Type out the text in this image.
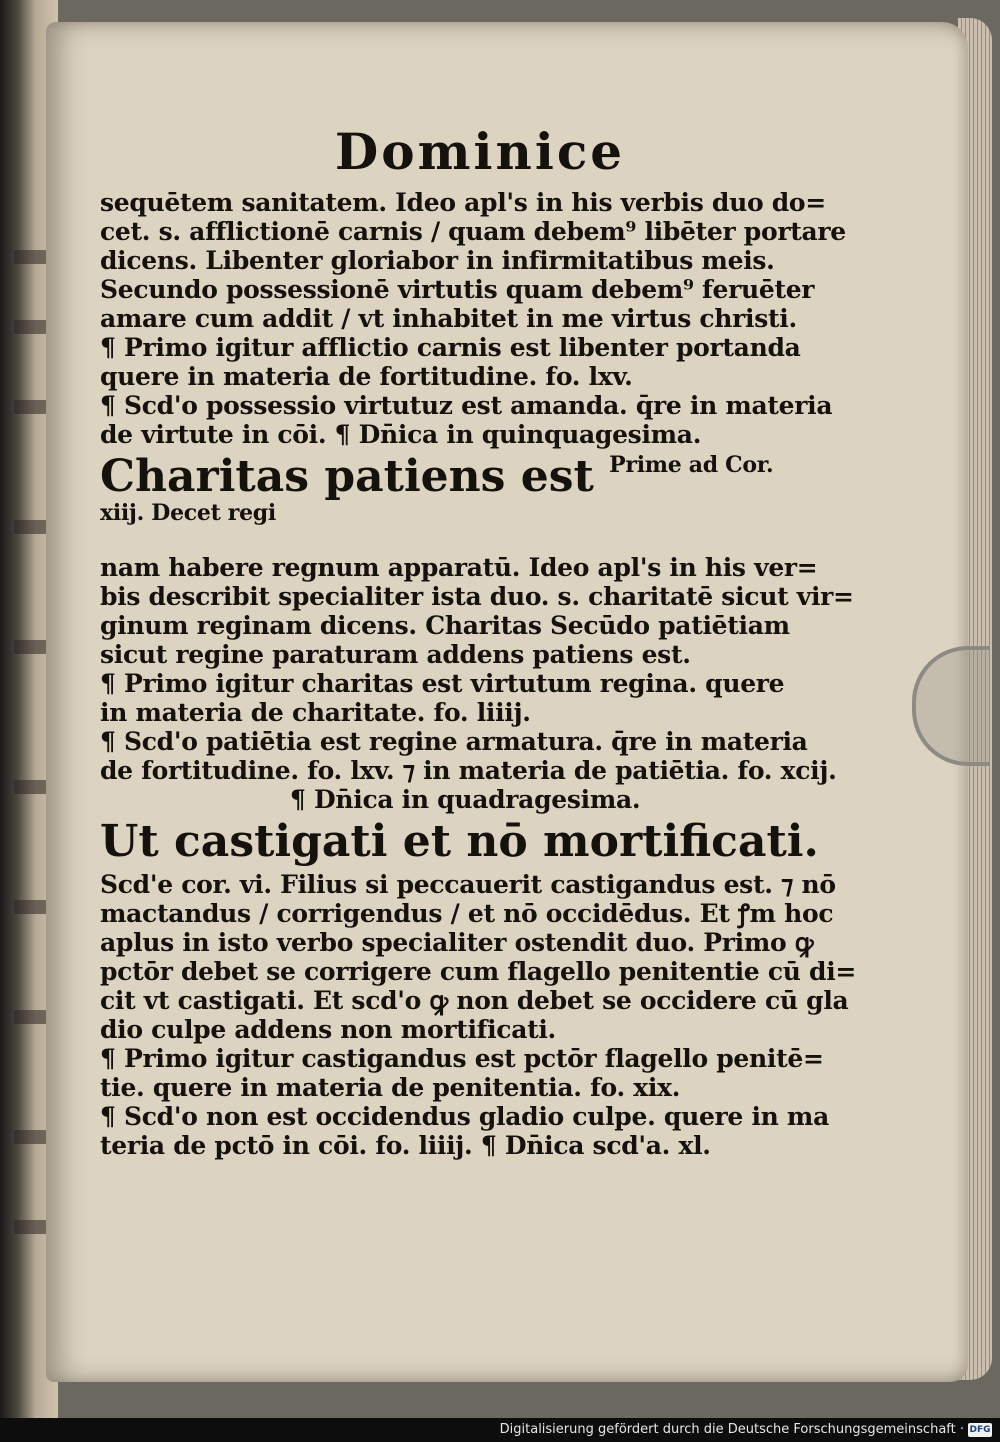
Dominice
sequētem sanitatem. Ideo apl's in his verbis duo do=
cet. s. afflictionē carnis / quam debem⁹ libēter portare
dicens. Libenter gloriabor in infirmitatibus meis.
Secundo possessionē virtutis quam debem⁹ feruēter
amare cum addit / vt inhabitet in me virtus christi.
¶ Primo igitur afflictio carnis est libenter portanda
quere in materia de fortitudine. fo. lxv.
¶ Scd'o possessio virtutuz est amanda. q̄re in materia
de virtute in cōi. ¶ Dn̄ica in quinquagesima.
Charitas patiens est $^{Prime ad Cor. xiij. Decet regi}$
nam habere regnum apparatū. Ideo apl's in his ver=
bis describit specialiter ista duo. s. charitatē sicut vir=
ginum reginam dicens. Charitas Secūdo patiētiam
sicut regine paraturam addens patiens est.
¶ Primo igitur charitas est virtutum regina. quere
in materia de charitate. fo. liiij.
¶ Scd'o patiētia est regine armatura. q̄re in materia
de fortitudine. fo. lxv. ⁊ in materia de patiētia. fo. xcij.
¶ Dn̄ica in quadragesima.
Ut castigati et nō mortificati.
Scd'e cor. vi. Filius si peccauerit castigandus est. ⁊ nō
mactandus / corrigendus / et nō occidēdus. Et ꝭm hoc
aplus in isto verbo specialiter ostendit duo. Primo ꝙ
pctōr debet se corrigere cum flagello penitentie cū di=
cit vt castigati. Et scd'o ꝙ non debet se occidere cū gla
dio culpe addens non mortificati.
¶ Primo igitur castigandus est pctōr flagello penitē=
tie. quere in materia de penitentia. fo. xix.
¶ Scd'o non est occidendus gladio culpe. quere in ma
teria de pctō in cōi. fo. liiij. ¶ Dn̄ica scd'a. xl.
Digitalisierung gefördert durch die Deutsche Forschungsgemeinschaft · DFG
